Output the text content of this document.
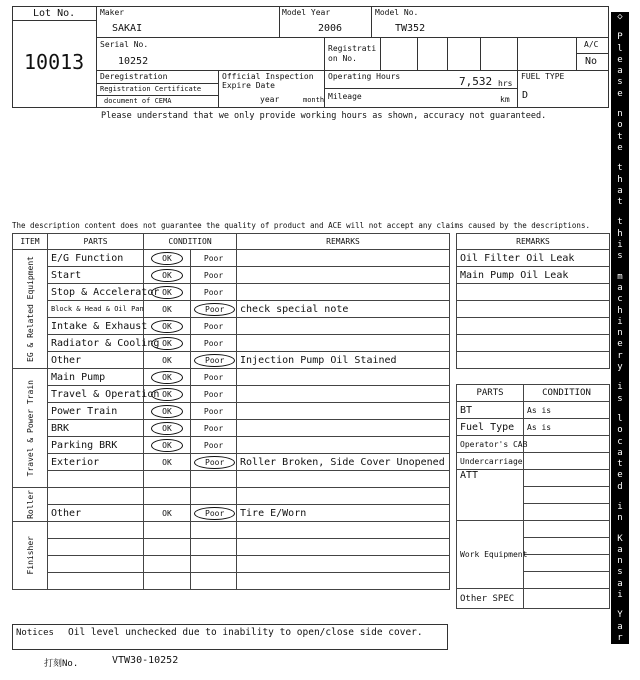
Lot No.
10013
Maker
SAKAI
Model Year
2006
Model No.
TW352
Serial No.
10252
Registrati
on No.
A/C
No
Deregistration
Registration Certificate
document of CEMA
Official Inspection
Expire Date
year	month
Operating Hours	7,532 hrs
Mileage	km
FUEL TYPE
D
Please understand that we only provide working hours as shown, accuracy not guaranteed.
The description content does not guarantee the quality of product and ACE will not accept any claims caused by the descriptions.
ITEM	PARTS	CONDITION		REMARKS

EG & Related Equipment	E/G Function	OK	Poor	
	Start	OK	Poor	
	Stop & Accelerator	OK	Poor	
	Block & Head & Oil Pan	OK	Poor	check special note
	Intake & Exhaust	OK	Poor	
	Radiator & Cooling	OK	Poor	
	Other	OK	Poor	Injection Pump Oil Stained

Travel & Power Train	Main Pump	OK	Poor	
	Travel & Operation	OK	Poor	
	Power Train	OK	Poor	
	BRK	OK	Poor	
	Parking BRK	OK	Poor	
	Exterior	OK	Poor	Roller Broken, Side Cover Unopened

Roller				

	Other	OK	Poor	Tire E/Worn

Finisher				

REMARKS
Oil Filter Oil Leak
Main Pump Oil Leak

PARTS	CONDITION
BT	As is
Fuel Type	As is
Operator's CAB	
Undercarriage	
ATT	

Work Equipment	

Other SPEC	
Notices Oil level unchecked due to inability to open/close side cover.
打刻No.	VTW30-10252
◇

P
l
e
a
s
e

n
o
t
e

t
h
a
t

t
h
i
s

m
a
c
h
i
n
e
r
y

i
s

l
o
c
a
t
e
d

i
n

K
a
n
s
a
i

Y
a
r
d

◇
